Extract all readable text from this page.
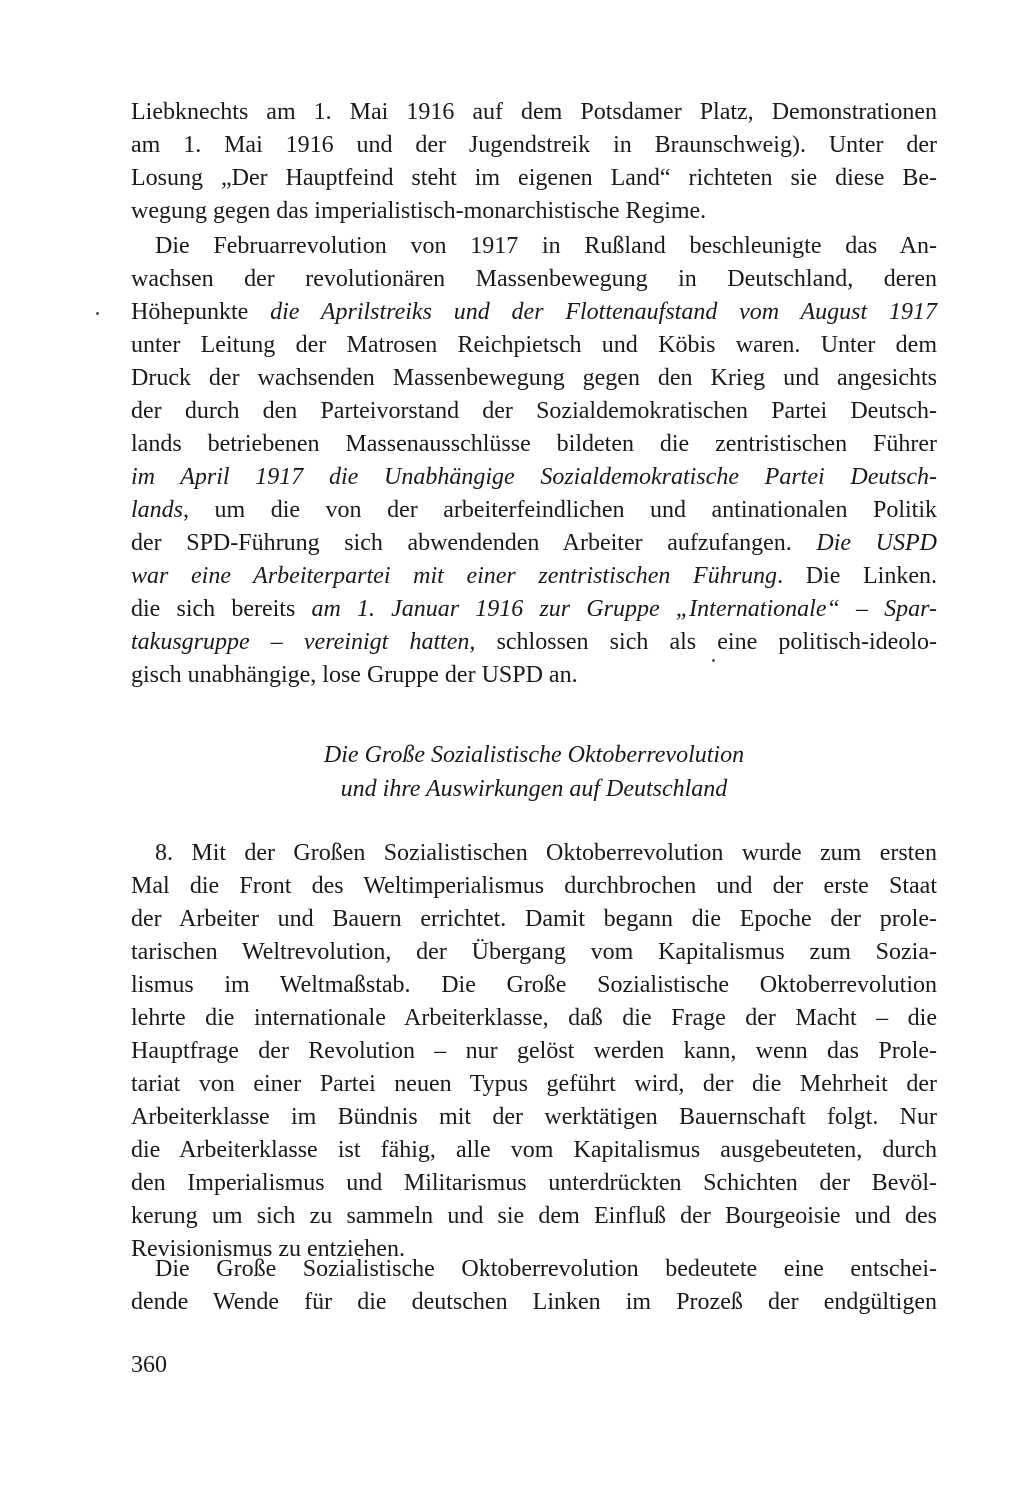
Liebknechts am 1. Mai 1916 auf dem Potsdamer Platz, Demonstrationen
am 1. Mai 1916 und der Jugendstreik in Braunschweig). Unter der
Losung „Der Hauptfeind steht im eigenen Land“ richteten sie diese Be-
wegung gegen das imperialistisch-monarchistische Regime.
Die Februarrevolution von 1917 in Rußland beschleunigte das An-
wachsen der revolutionären Massenbewegung in Deutschland, deren
Höhepunkte die Aprilstreiks und der Flottenaufstand vom August 1917
unter Leitung der Matrosen Reichpietsch und Köbis waren. Unter dem
Druck der wachsenden Massenbewegung gegen den Krieg und angesichts
der durch den Parteivorstand der Sozialdemokratischen Partei Deutsch-
lands betriebenen Massenausschlüsse bildeten die zentristischen Führer
im April 1917 die Unabhängige Sozialdemokratische Partei Deutsch-
lands, um die von der arbeiterfeindlichen und antinationalen Politik
der SPD-Führung sich abwendenden Arbeiter aufzufangen. Die USPD
war eine Arbeiterpartei mit einer zentristischen Führung. Die Linken.
die sich bereits am 1. Januar 1916 zur Gruppe „Internationale“ – Spar-
takusgruppe – vereinigt hatten, schlossen sich als eine politisch-ideolo-
gisch unabhängige, lose Gruppe der USPD an.
Die Große Sozialistische Oktoberrevolution
und ihre Auswirkungen auf Deutschland
8. Mit der Großen Sozialistischen Oktoberrevolution wurde zum ersten
Mal die Front des Weltimperialismus durchbrochen und der erste Staat
der Arbeiter und Bauern errichtet. Damit begann die Epoche der prole-
tarischen Weltrevolution, der Übergang vom Kapitalismus zum Sozia-
lismus im Weltmaßstab. Die Große Sozialistische Oktoberrevolution
lehrte die internationale Arbeiterklasse, daß die Frage der Macht – die
Hauptfrage der Revolution – nur gelöst werden kann, wenn das Prole-
tariat von einer Partei neuen Typus geführt wird, der die Mehrheit der
Arbeiterklasse im Bündnis mit der werktätigen Bauernschaft folgt. Nur
die Arbeiterklasse ist fähig, alle vom Kapitalismus ausgebeuteten, durch
den Imperialismus und Militarismus unterdrückten Schichten der Bevöl-
kerung um sich zu sammeln und sie dem Einfluß der Bourgeoisie und des
Revisionismus zu entziehen.
Die Große Sozialistische Oktoberrevolution bedeutete eine entschei-
dende Wende für die deutschen Linken im Prozeß der endgültigen
360
